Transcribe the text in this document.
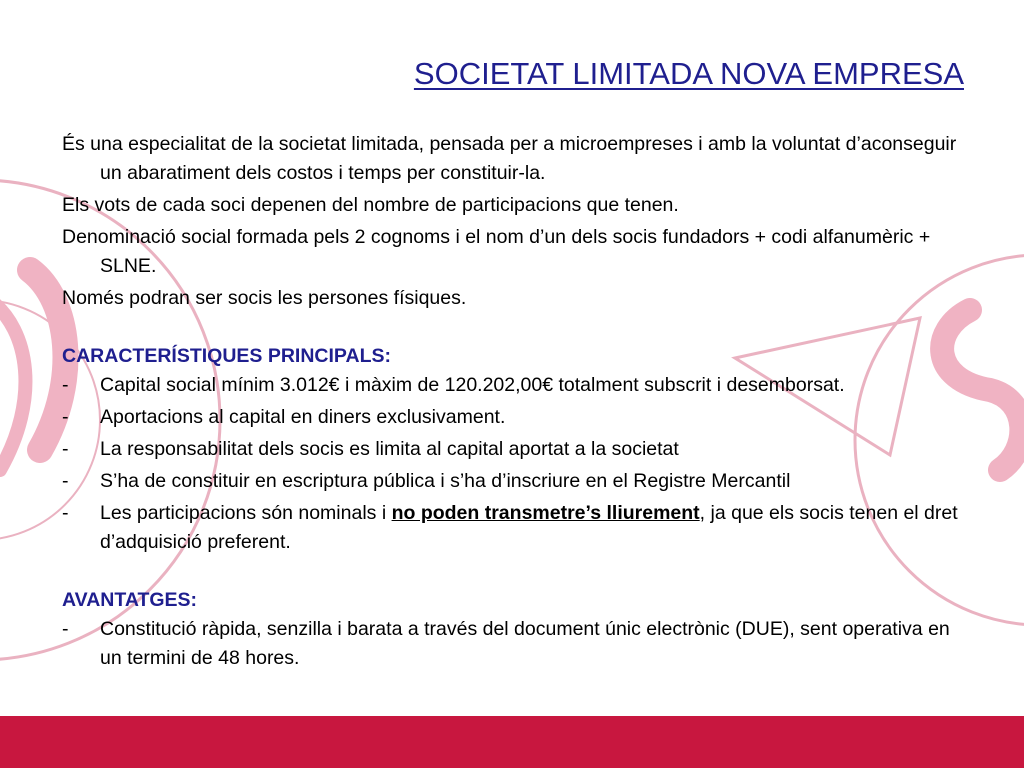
SOCIETAT LIMITADA NOVA EMPRESA

És una especialitat de la societat limitada, pensada per a microempreses i amb la voluntat d’aconseguir un abaratiment dels costos i temps per constituir-la.

Els vots de cada soci depenen del nombre de participacions que tenen.

Denominació social formada pels 2 cognoms i el nom d’un dels socis fundadors + codi alfanumèric + SLNE.

Només podran ser socis les persones físiques.

CARACTERÍSTIQUES PRINCIPALS:

-	Capital social mínim 3.012€ i màxim de 120.202,00€ totalment subscrit i desemborsat.
-	Aportacions al capital en diners exclusivament.
-	La responsabilitat dels socis es limita al capital aportat a la societat
-	S’ha de constituir en escriptura pública i s’ha d’inscriure en el Registre Mercantil
-	Les participacions són nominals i no poden transmetre’s lliurement, ja que els socis tenen el dret d’adquisició preferent.

AVANTATGES:

-	Constitució ràpida, senzilla i barata a través del document únic electrònic (DUE), sent operativa en un termini de 48 hores.
